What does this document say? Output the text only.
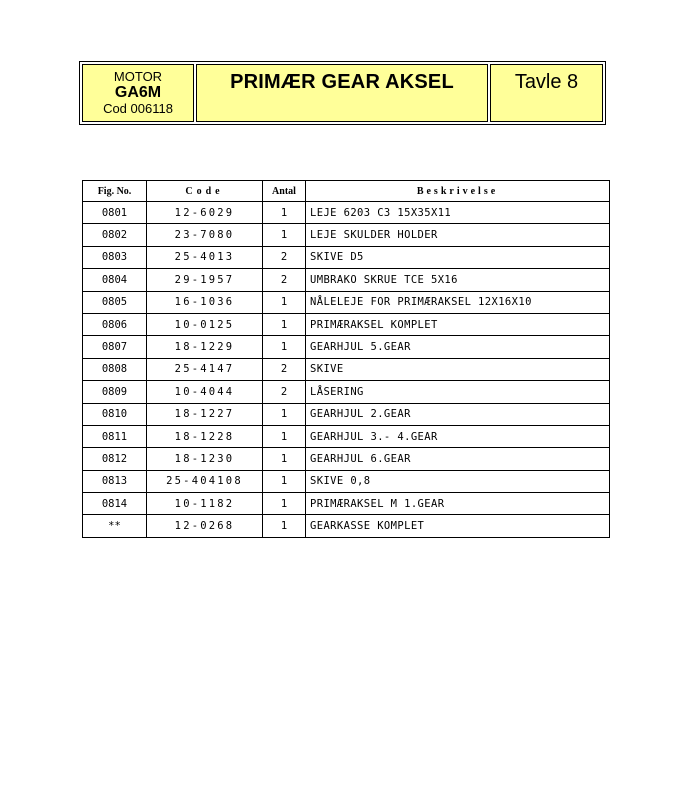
MOTOR
GA6M
Cod 006118
PRIMÆR GEAR AKSEL	Tavle 8
Fig. No.	Code	Antal	Beskrivelse
0801	12-6029	1	LEJE 6203 C3 15X35X11
0802	23-7080	1	LEJE SKULDER HOLDER
0803	25-4013	2	SKIVE D5
0804	29-1957	2	UMBRAKO SKRUE TCE 5X16
0805	16-1036	1	NÅLELEJE FOR PRIMÆRAKSEL 12X16X10
0806	10-0125	1	PRIMÆRAKSEL KOMPLET
0807	18-1229	1	GEARHJUL 5.GEAR
0808	25-4147	2	SKIVE
0809	10-4044	2	LÅSERING
0810	18-1227	1	GEARHJUL 2.GEAR
0811	18-1228	1	GEARHJUL 3.- 4.GEAR
0812	18-1230	1	GEARHJUL 6.GEAR
0813	25-404108	1	SKIVE 0,8
0814	10-1182	1	PRIMÆRAKSEL M 1.GEAR
**	12-0268	1	GEARKASSE KOMPLET
